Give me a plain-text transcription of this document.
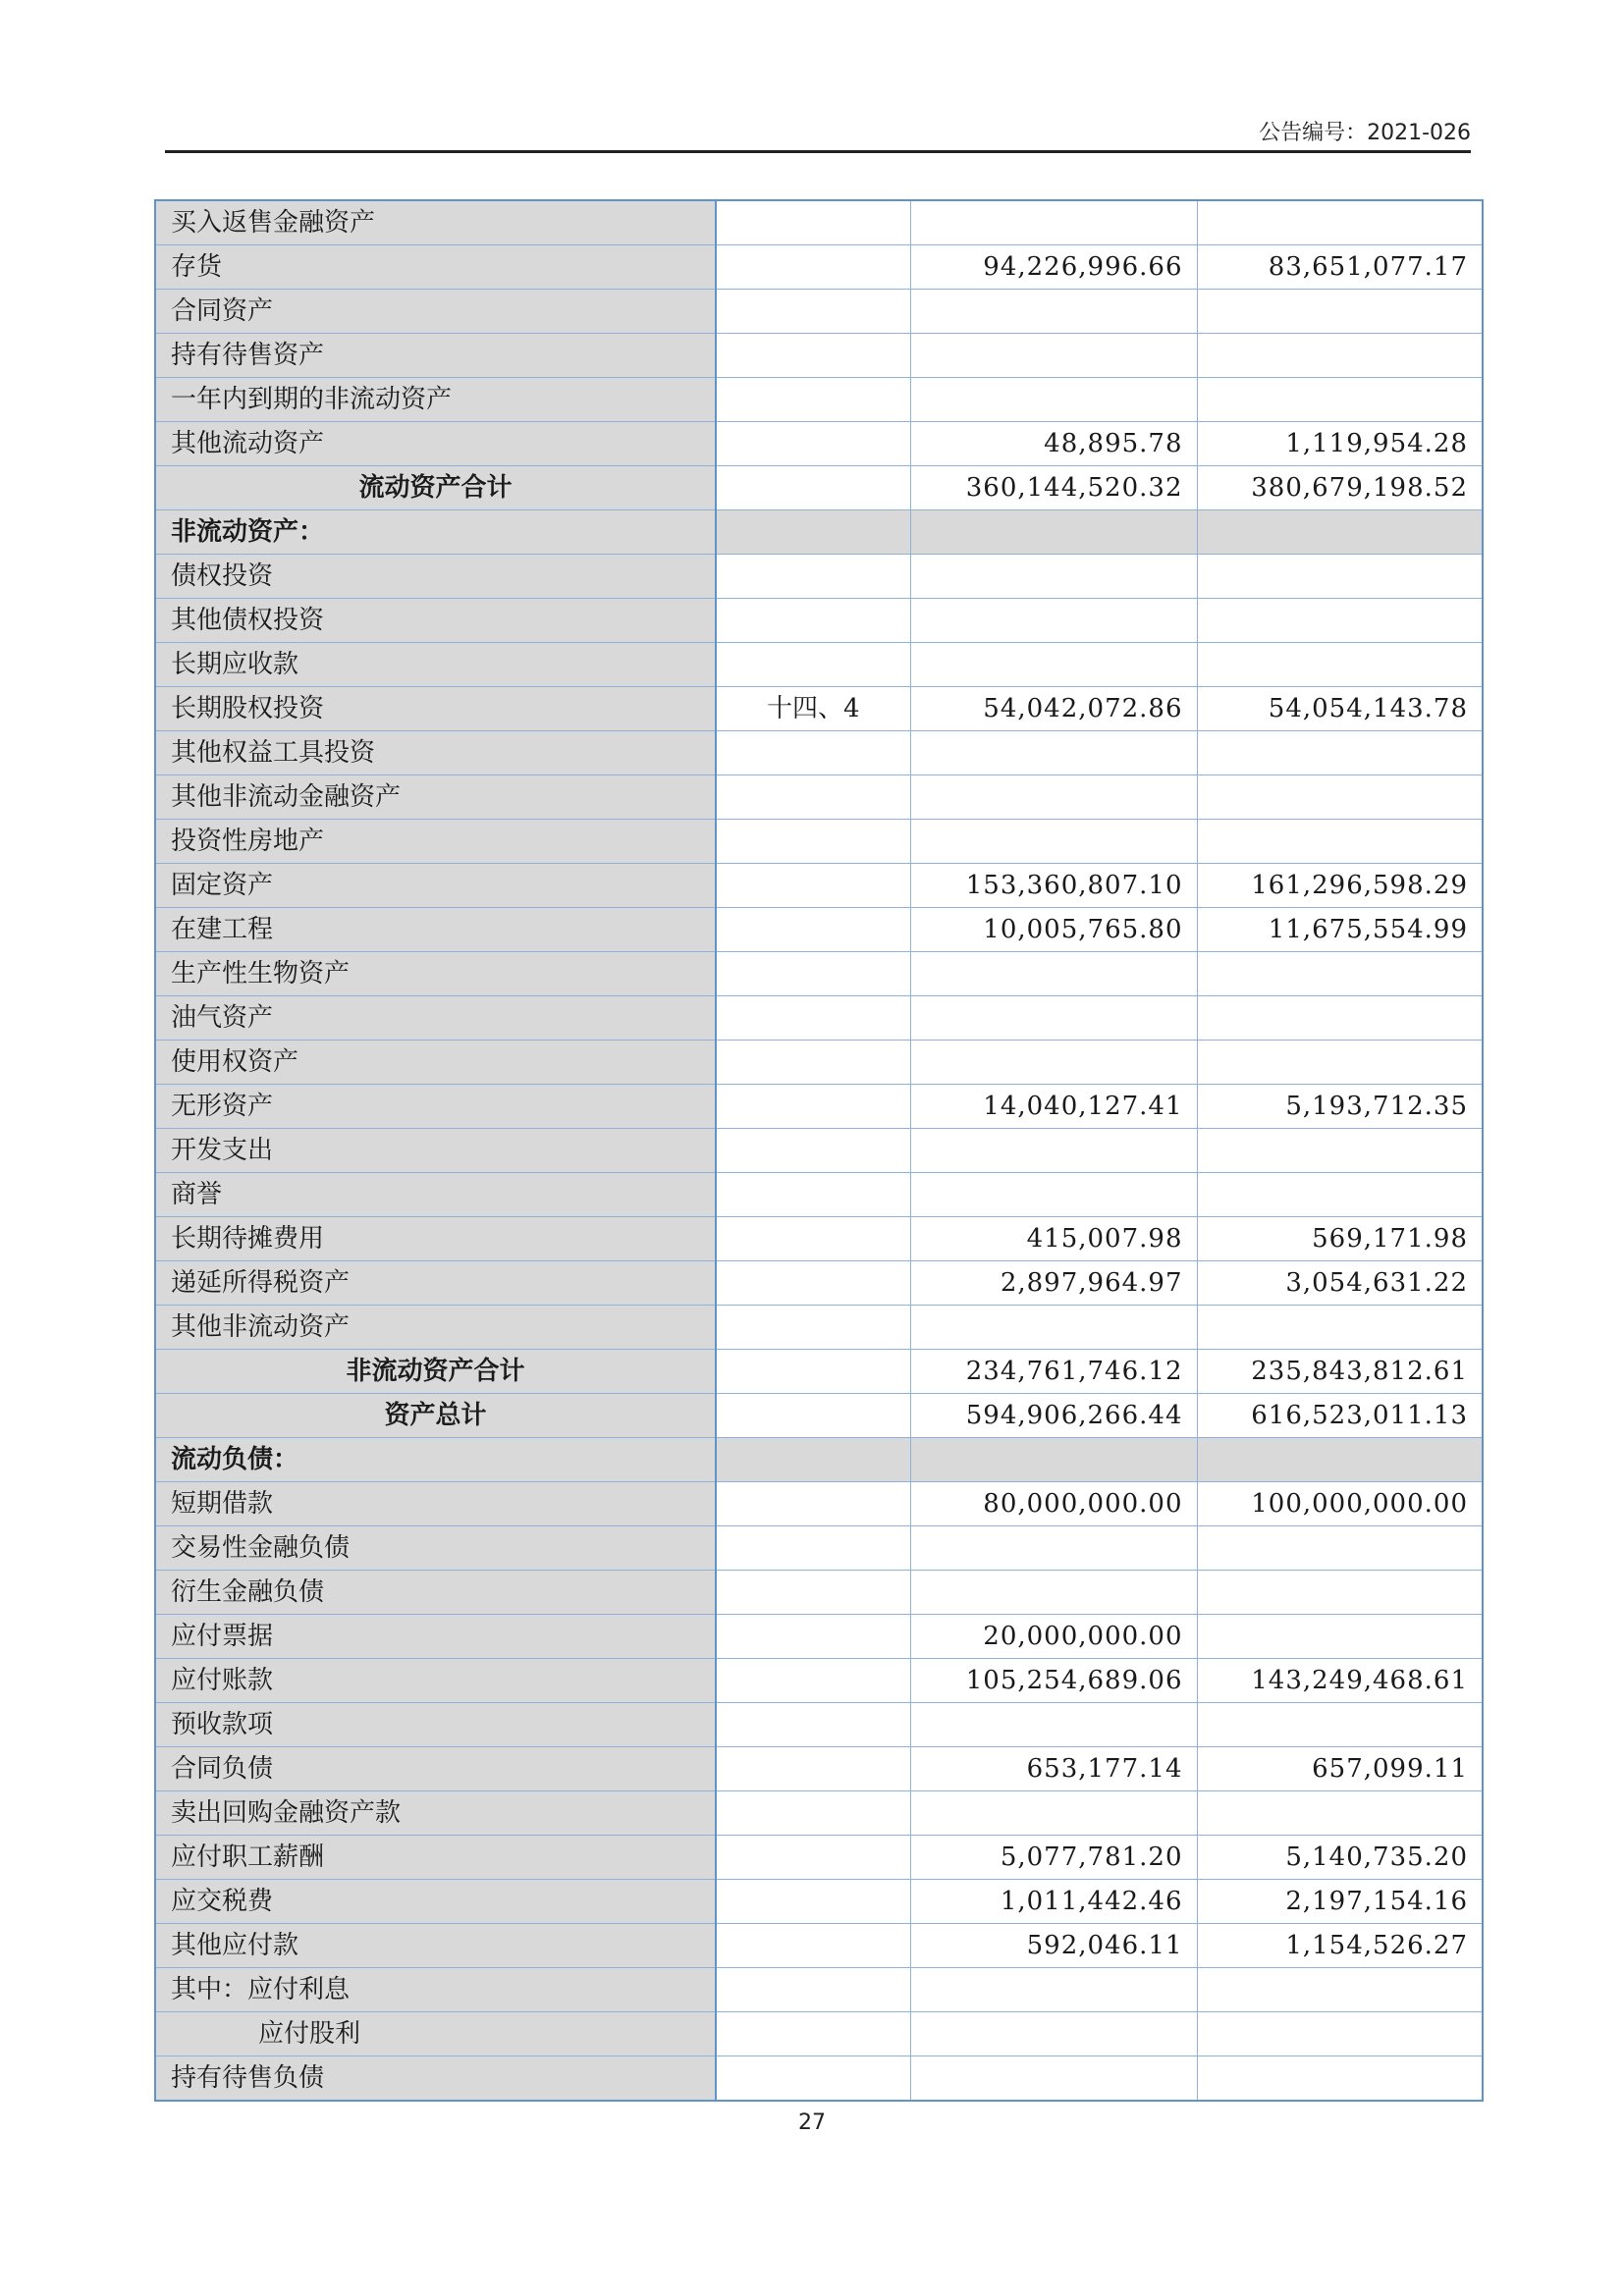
公告编号：2021-026
买入返售金融资产			
存货		94,226,996.66	83,651,077.17
合同资产			
持有待售资产			
一年内到期的非流动资产			
其他流动资产		48,895.78	1,119,954.28
流动资产合计		360,144,520.32	380,679,198.52
非流动资产：			
债权投资			
其他债权投资			
长期应收款			
长期股权投资	十四、4	54,042,072.86	54,054,143.78
其他权益工具投资			
其他非流动金融资产			
投资性房地产			
固定资产		153,360,807.10	161,296,598.29
在建工程		10,005,765.80	11,675,554.99
生产性生物资产			
油气资产			
使用权资产			
无形资产		14,040,127.41	5,193,712.35
开发支出			
商誉			
长期待摊费用		415,007.98	569,171.98
递延所得税资产		2,897,964.97	3,054,631.22
其他非流动资产			
非流动资产合计		234,761,746.12	235,843,812.61
资产总计		594,906,266.44	616,523,011.13
流动负债：			
短期借款		80,000,000.00	100,000,000.00
交易性金融负债			
衍生金融负债			
应付票据		20,000,000.00	
应付账款		105,254,689.06	143,249,468.61
预收款项			
合同负债		653,177.14	657,099.11
卖出回购金融资产款			
应付职工薪酬		5,077,781.20	5,140,735.20
应交税费		1,011,442.46	2,197,154.16
其他应付款		592,046.11	1,154,526.27
其中：应付利息			
应付股利			
持有待售负债			
27
